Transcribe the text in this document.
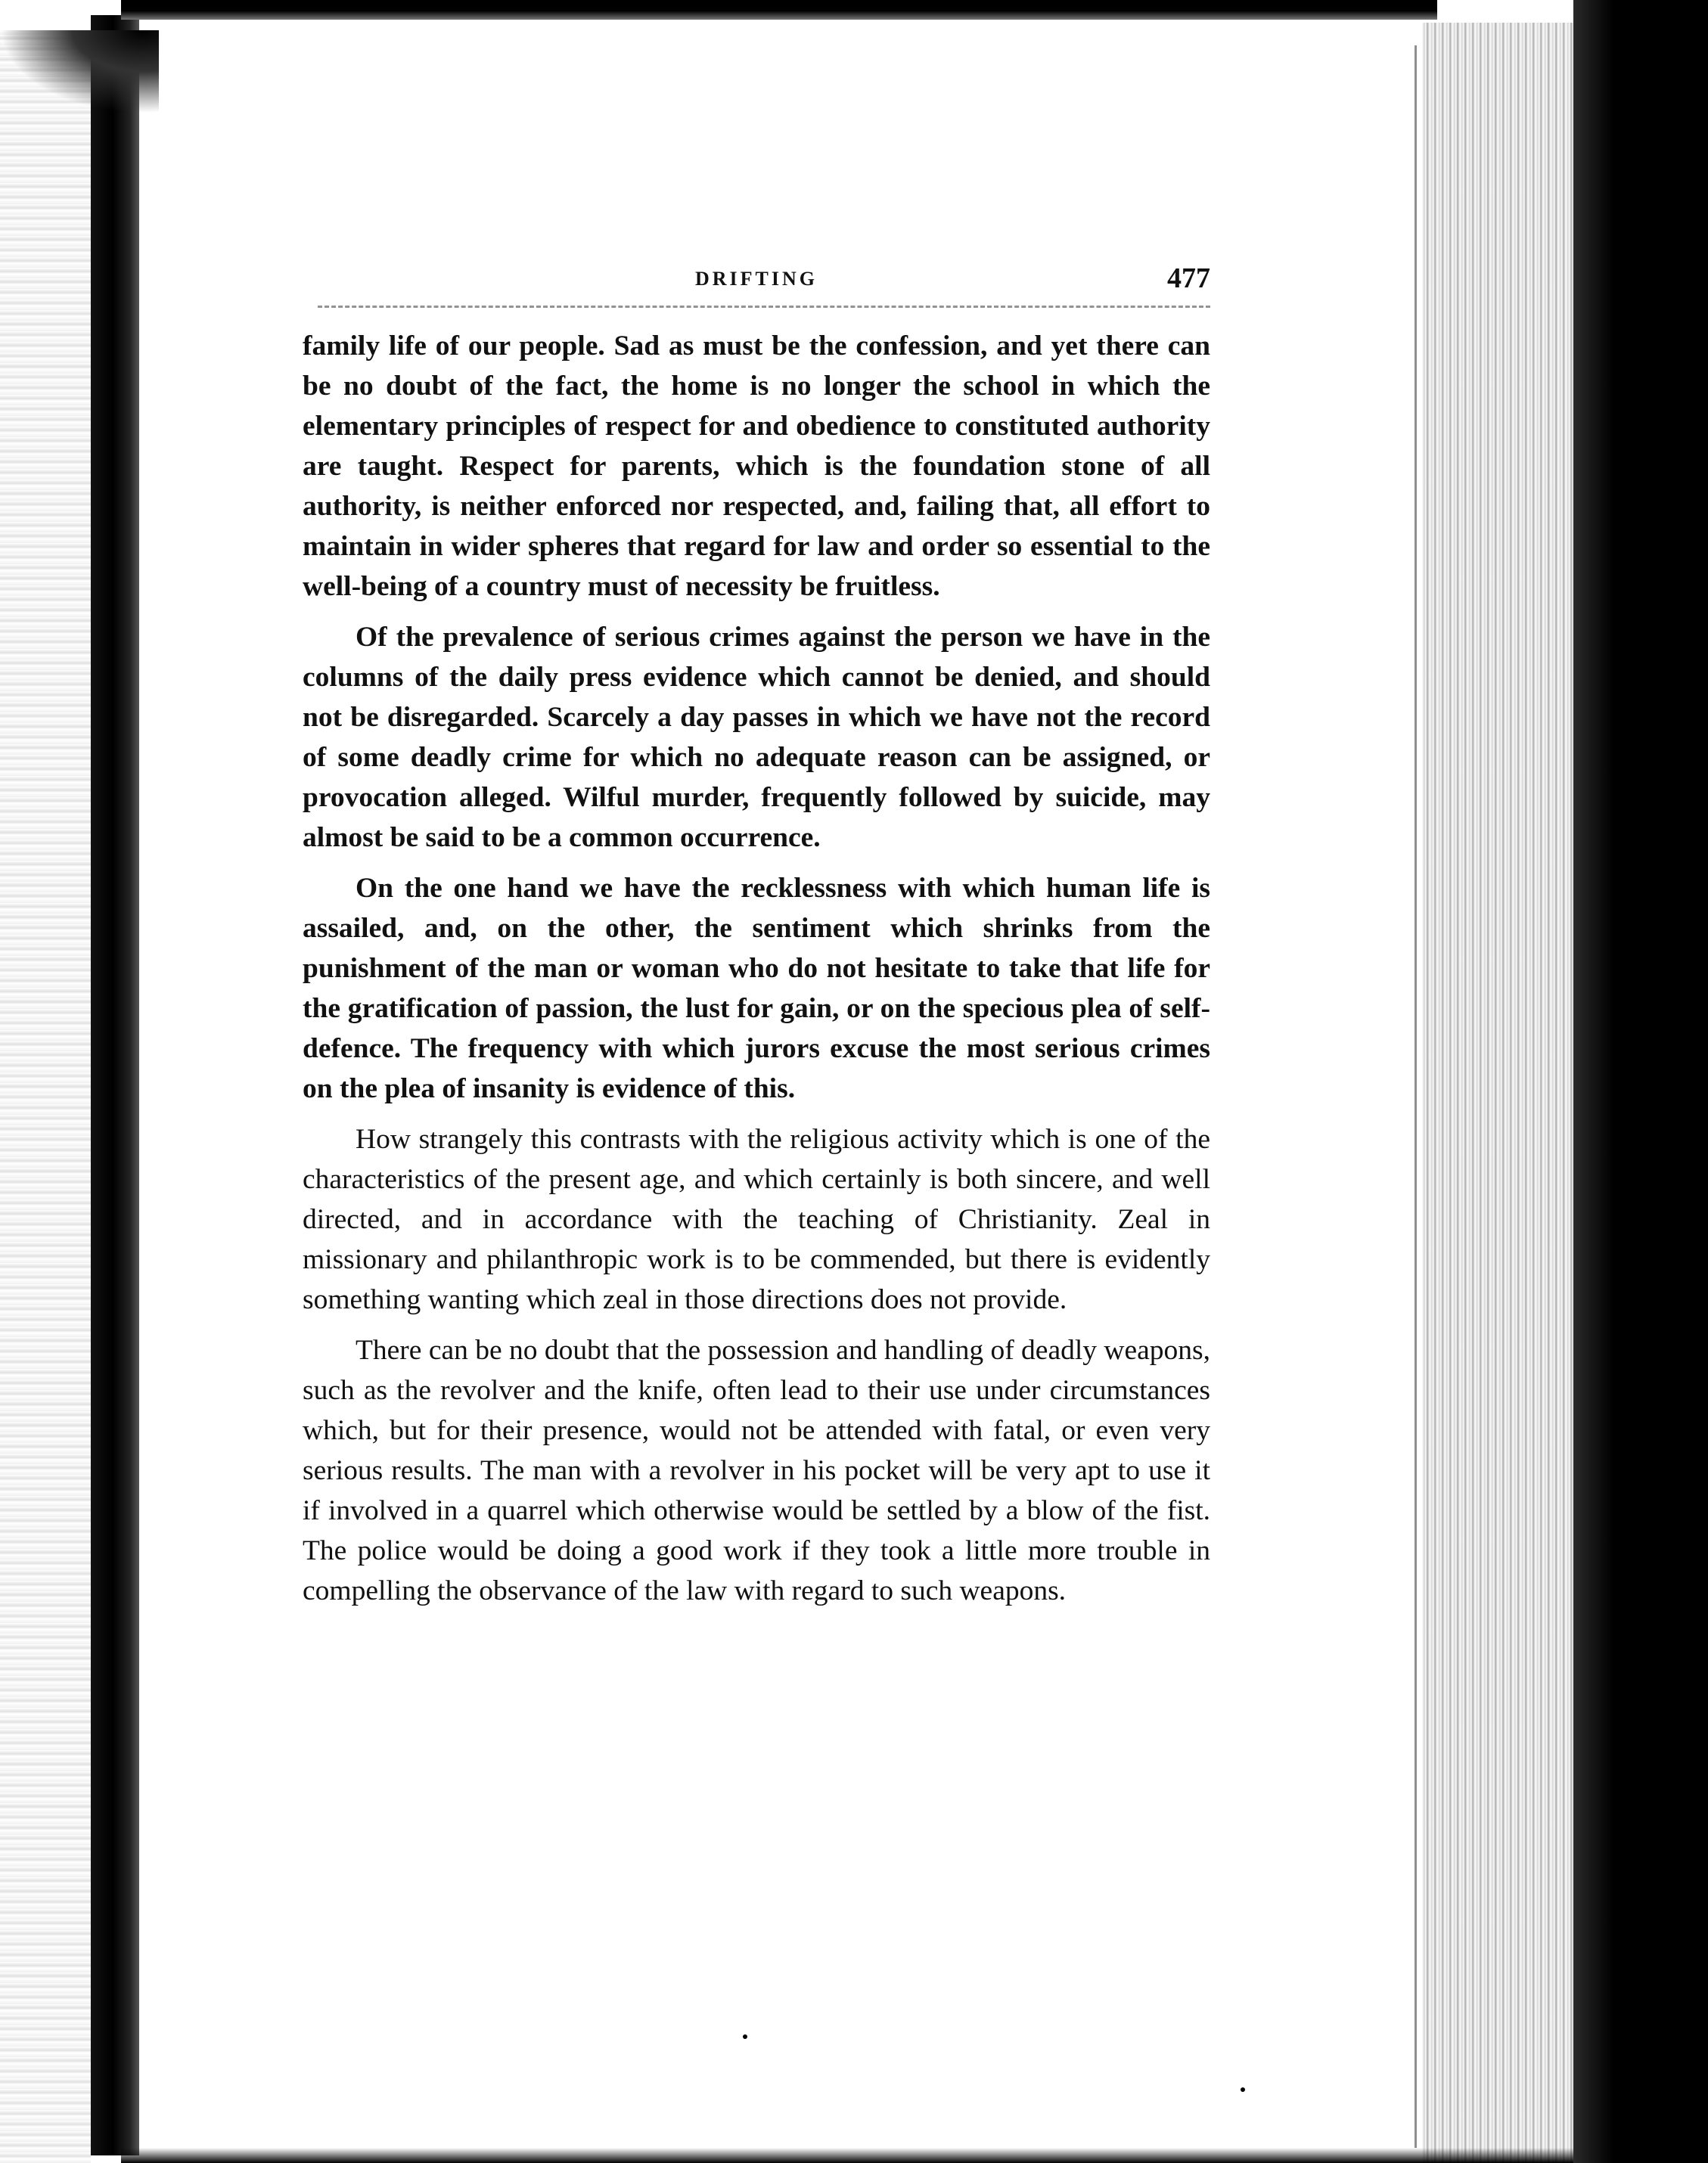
DRIFTING	477

family life of our people. Sad as must be the confession, and yet there can be no doubt of the fact, the home is no longer the school in which the elementary principles of respect for and obedience to constituted authority are taught. Respect for parents, which is the foundation stone of all authority, is neither enforced nor respected, and, failing that, all effort to maintain in wider spheres that regard for law and order so essential to the well-being of a country must of necessity be fruitless.

Of the prevalence of serious crimes against the person we have in the columns of the daily press evidence which cannot be denied, and should not be disregarded. Scarcely a day passes in which we have not the record of some deadly crime for which no adequate reason can be assigned, or provocation alleged. Wilful murder, frequently followed by suicide, may almost be said to be a common occurrence.

On the one hand we have the recklessness with which human life is assailed, and, on the other, the sentiment which shrinks from the punishment of the man or woman who do not hesitate to take that life for the gratification of passion, the lust for gain, or on the specious plea of self-defence. The frequency with which jurors excuse the most serious crimes on the plea of insanity is evidence of this.

How strangely this contrasts with the religious activity which is one of the characteristics of the present age, and which certainly is both sincere, and well directed, and in accordance with the teaching of Christianity. Zeal in missionary and philanthropic work is to be commended, but there is evidently something wanting which zeal in those directions does not provide.

There can be no doubt that the possession and handling of deadly weapons, such as the revolver and the knife, often lead to their use under circumstances which, but for their presence, would not be attended with fatal, or even very serious results. The man with a revolver in his pocket will be very apt to use it if involved in a quarrel which otherwise would be settled by a blow of the fist. The police would be doing a good work if they took a little more trouble in compelling the observance of the law with regard to such weapons.
